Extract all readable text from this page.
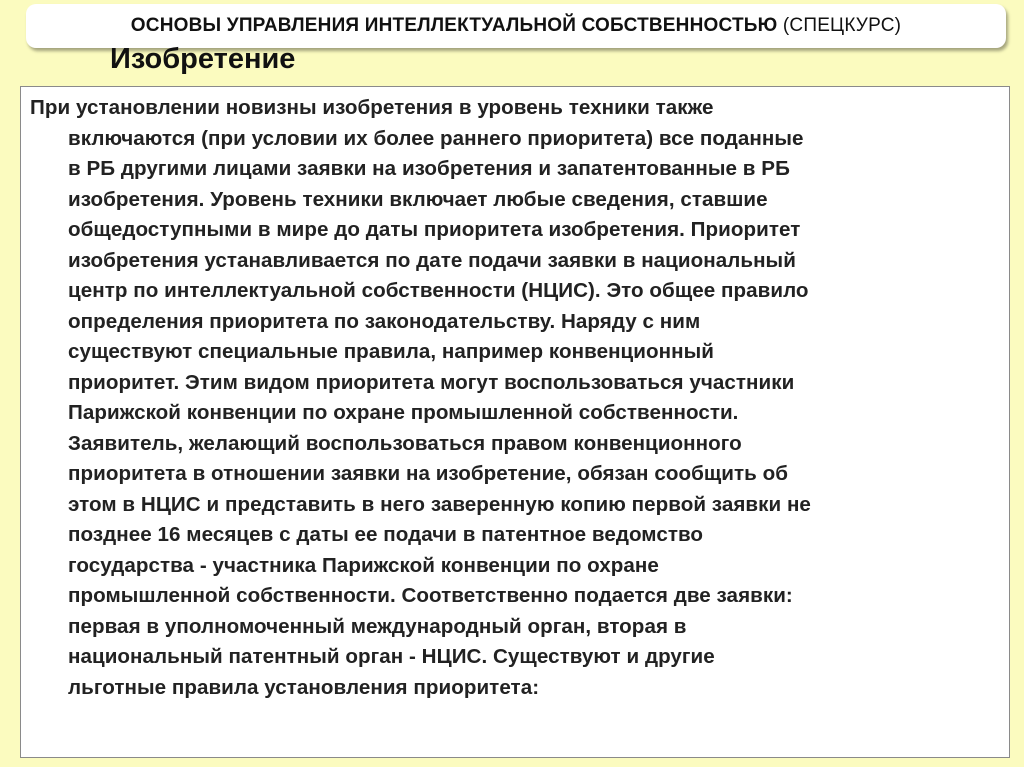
ОСНОВЫ УПРАВЛЕНИЯ ИНТЕЛЛЕКТУАЛЬНОЙ СОБСТВЕННОСТЬЮ (СПЕЦКУРС)
Изобретение

При установлении новизны изобретения в уровень техники также
включаются (при условии их более раннего приоритета) все поданные
в РБ другими лицами заявки на изобретения и запатентованные в РБ
изобретения. Уровень техники включает любые сведения, ставшие
общедоступными в мире до даты приоритета изобретения. Приоритет
изобретения устанавливается по дате подачи заявки в национальный
центр по интеллектуальной собственности (НЦИС). Это общее правило
определения приоритета по законодательству. Наряду с ним
существуют специальные правила, например конвенционный
приоритет. Этим видом приоритета могут воспользоваться участники
Парижской конвенции по охране промышленной собственности.
Заявитель, желающий воспользоваться правом конвенционного
приоритета в отношении заявки на изобретение, обязан сообщить об
этом в НЦИС и представить в него заверенную копию первой заявки не
позднее 16 месяцев с даты ее подачи в патентное ведомство
государства - участника Парижской конвенции по охране
промышленной собственности. Соответственно подается две заявки:
первая в уполномоченный международный орган, вторая в
национальный патентный орган - НЦИС. Существуют и другие
льготные правила установления приоритета:
